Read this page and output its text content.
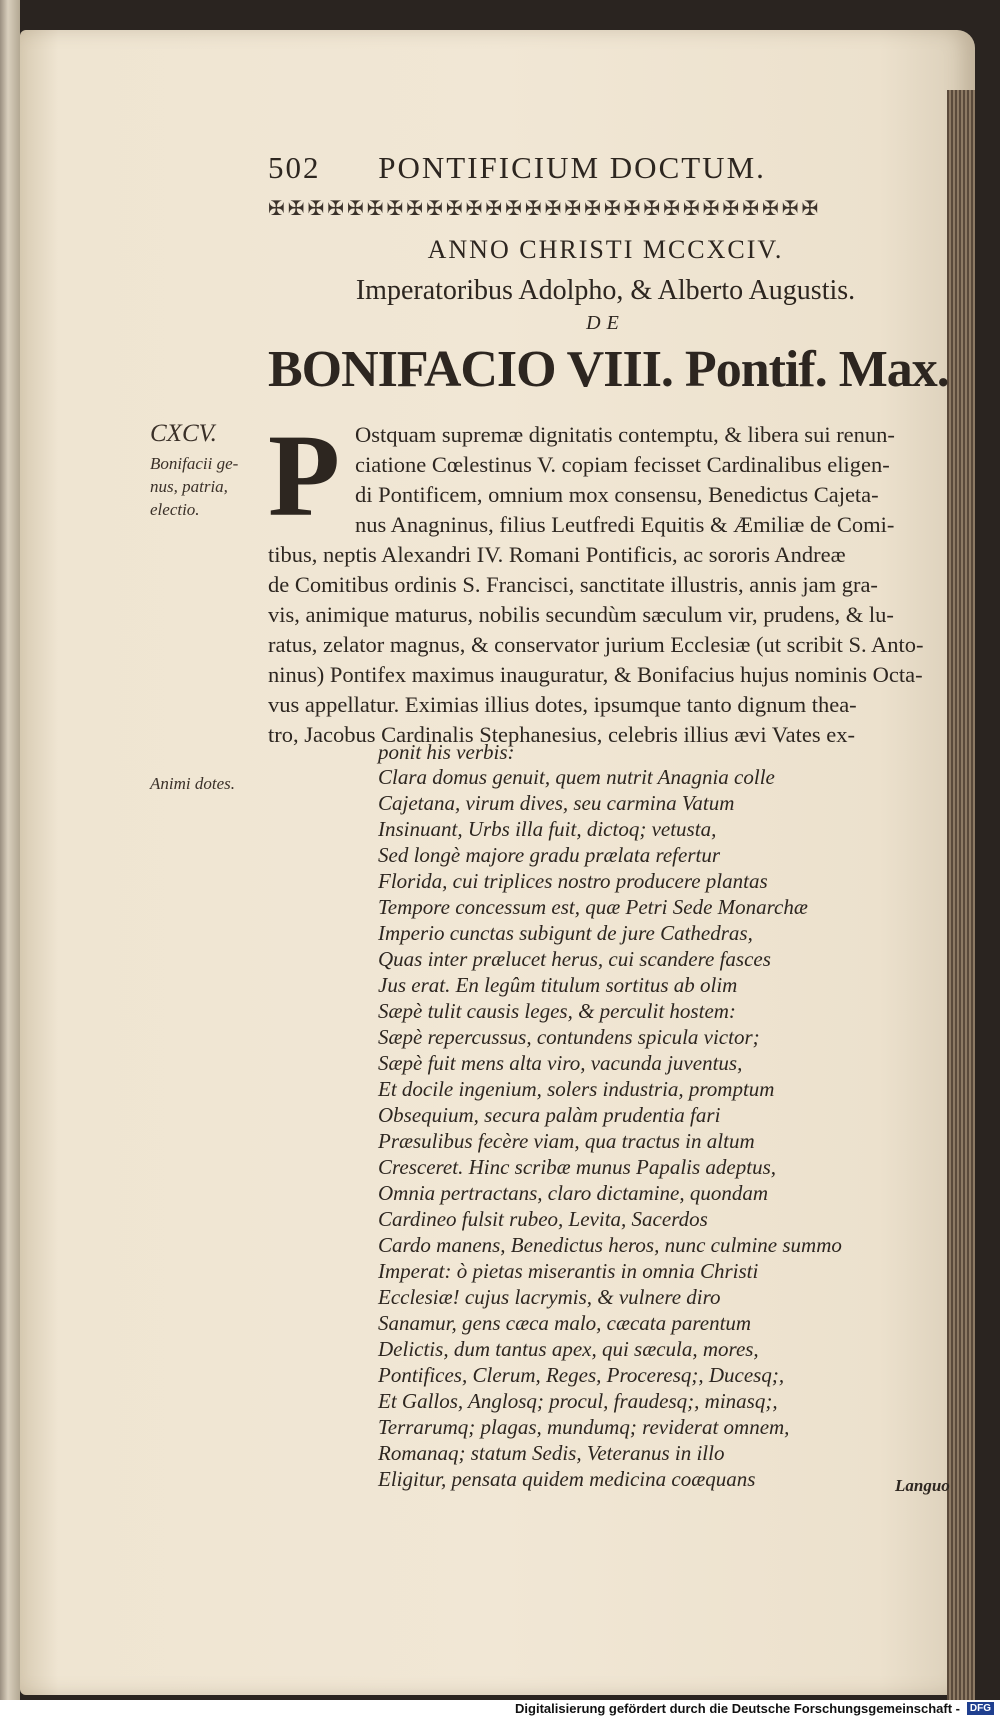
502 PONTIFICIUM DOCTUM.
✠✠✠✠✠✠✠✠✠✠✠✠✠✠✠✠✠✠✠✠✠✠✠✠✠✠✠✠
ANNO CHRISTI MCCXCIV.
Imperatoribus Adolpho, & Alberto Augustis.
DE
BONIFACIO VIII. Pontif. Max.
CXCV.
Bonifacii ge-
nus, patria,
electio.
Animi dotes.
P Ostquam supremæ dignitatis contemptu, & libera sui renun-
ciatione Cœlestinus V. copiam fecisset Cardinalibus eligen-
di Pontificem, omnium mox consensu, Benedictus Cajeta-
nus Anagninus, filius Leutfredi Equitis & Æmiliæ de Comi-
tibus, neptis Alexandri IV. Romani Pontificis, ac sororis Andreæ
de Comitibus ordinis S. Francisci, sanctitate illustris, annis jam gra-
vis, animique maturus, nobilis secundùm sæculum vir, prudens, & lu-
ratus, zelator magnus, & conservator jurium Ecclesiæ (ut scribit S. Anto-
ninus) Pontifex maximus inauguratur, & Bonifacius hujus nominis Octa-
vus appellatur. Eximias illius dotes, ipsumque tanto dignum thea-
tro, Jacobus Cardinalis Stephanesius, celebris illius ævi Vates ex-
ponit his verbis:
Clara domus genuit, quem nutrit Anagnia colle
Cajetana, virum dives, seu carmina Vatum
Insinuant, Urbs illa fuit, dictoq; vetusta,
Sed longè majore gradu prælata refertur
Florida, cui triplices nostro producere plantas
Tempore concessum est, quæ Petri Sede Monarchæ
Imperio cunctas subigunt de jure Cathedras,
Quas inter prælucet herus, cui scandere fasces
Jus erat. En legûm titulum sortitus ab olim
Sæpè tulit causis leges, & perculit hostem:
Sæpè repercussus, contundens spicula victor;
Sæpè fuit mens alta viro, vacunda juventus,
Et docile ingenium, solers industria, promptum
Obsequium, secura palàm prudentia fari
Præsulibus fecère viam, qua tractus in altum
Cresceret. Hinc scribæ munus Papalis adeptus,
Omnia pertractans, claro dictamine, quondam
Cardineo fulsit rubeo, Levita, Sacerdos
Cardo manens, Benedictus heros, nunc culmine summo
Imperat: ò pietas miserantis in omnia Christi
Ecclesiæ! cujus lacrymis, & vulnere diro
Sanamur, gens cæca malo, cæcata parentum
Delictis, dum tantus apex, qui sæcula, mores,
Pontifices, Clerum, Reges, Proceresq;, Ducesq;,
Et Gallos, Anglosq; procul, fraudesq;, minasq;,
Terrarumq; plagas, mundumq; reviderat omnem,
Romanaq; statum Sedis, Veteranus in illo
Eligitur, pensata quidem medicina coæquans	Languo
Digitalisierung gefördert durch die Deutsche Forschungsgemeinschaft - DFG
